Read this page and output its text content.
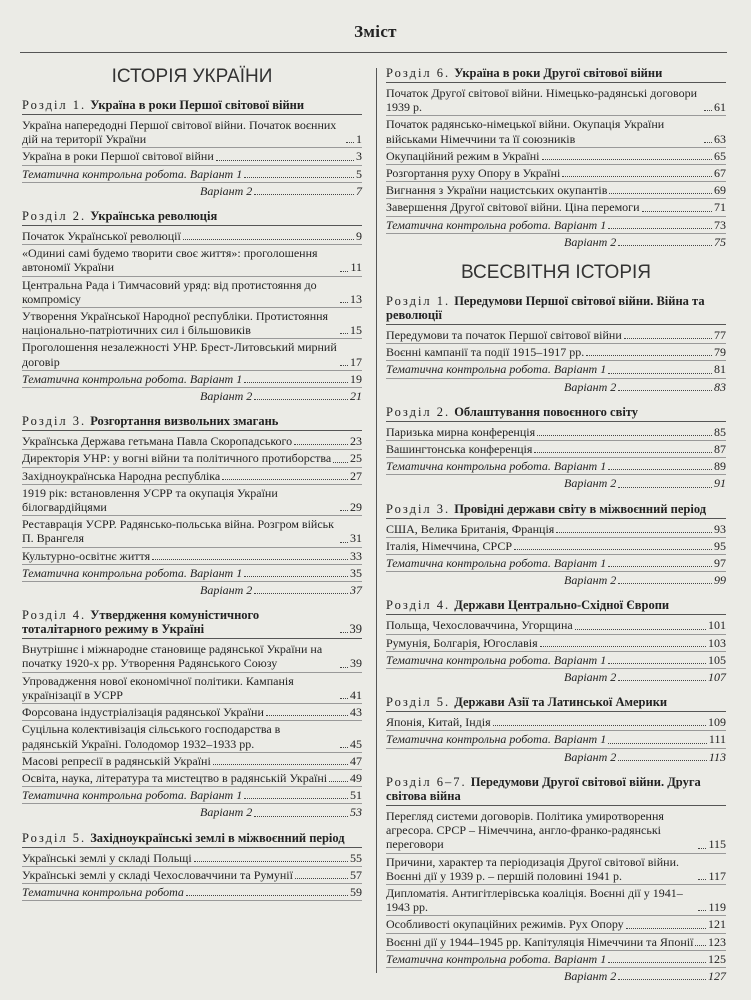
Зміст
ІСТОРІЯ УКРАЇНИ
Розділ 1. Україна в роки Першої світової війни
Україна напередодні Першої світової війни. Початок воєнних дій на території України	1
Україна в роки Першої світової війни	3
Тематична контрольна робота. Варіант 1	5
Варіант 2	7
Розділ 2. Українська революція
Початок Української революції	9
«Одиниі самі будемо творити своє життя»: проголошення автономії України	11
Центральна Рада і Тимчасовий уряд: від протистояння до компромісу	13
Утворення Української Народної республіки. Протистояння національно-патріотичних сил і більшовиків	15
Проголошення незалежності УНР. Брест-Литовський мирний договір	17
Тематична контрольна робота. Варіант 1	19
Варіант 2	21
Розділ 3. Розгортання визвольних змагань
Українська Держава гетьмана Павла Скоропадського	23
Директорія УНР: у вогні війни та політичного протиборства 25
Західноукраїнська Народна республіка	27
1919 рік: встановлення УСРР та окупація України білогвардійцями	29
Реставрація УСРР. Радянсько-польська війна. Розгром військ П. Врангеля	31
Культурно-освітнє життя	33
Тематична контрольна робота. Варіант 1	35
Варіант 2	37
Розділ 4. Утвердження комуністичного тоталітарного режиму в Україні	39
Внутрішнє і міжнародне становище радянської України на початку 1920-х рр. Утворення Радянського Союзу	39
Упровадження нової економічної політики. Кампанія українізації в УСРР	41
Форсована індустріалізація радянської України	43
Суцільна колективізація сільського господарства в радянській Україні. Голодомор 1932–1933 рр.	45
Масові репресії в радянській Україні	47
Освіта, наука, література та мистецтво в радянській Україні 49
Тематична контрольна робота. Варіант 1	51
Варіант 2	53
Розділ 5. Західноукраїнські землі в міжвоєнний період
Українські землі у складі Польщі	55
Українські землі у складі Чехословаччини та Румунії	57
Тематична контрольна робота	59
Розділ 6. Україна в роки Другої світової війни
Початок Другої світової війни. Німецько-радянські договори 1939 р.	61
Початок радянсько-німецької війни. Окупація України військами Німеччини та її союзників	63
Окупаційний режим в Україні	65
Розгортання руху Опору в Україні	67
Вигнання з України нацистських окупантів	69
Завершення Другої світової війни. Ціна перемоги	71
Тематична контрольна робота. Варіант 1	73
Варіант 2	75
ВСЕСВІТНЯ ІСТОРІЯ
Розділ 1. Передумови Першої світової війни. Війна та революції
Передумови та початок Першої світової війни	77
Воєнні кампанії та події 1915–1917 рр.	79
Тематична контрольна робота. Варіант 1	81
Варіант 2	83
Розділ 2. Облаштування повоєнного світу
Паризька мирна конференція	85
Вашингтонська конференція	87
Тематична контрольна робота. Варіант 1	89
Варіант 2	91
Розділ 3. Провідні держави світу в міжвоєнний період
США, Велика Британія, Франція	93
Італія, Німеччина, СРСР	95
Тематична контрольна робота. Варіант 1	97
Варіант 2	99
Розділ 4. Держави Центрально-Східної Європи
Польща, Чехословаччина, Угорщина	101
Румунія, Болгарія, Югославія	103
Тематична контрольна робота. Варіант 1	105
Варіант 2	107
Розділ 5. Держави Азії та Латинської Америки
Японія, Китай, Індія	109
Тематична контрольна робота. Варіант 1	111
Варіант 2	113
Розділ 6–7. Передумови Другої світової війни. Друга світова війна
Перегляд системи договорів. Політика умиротворення агресора. СРСР – Німеччина, англо-франко-радянські переговори	115
Причини, характер та періодизація Другої світової війни. Воєнні дії у 1939 р. – першій половині 1941 р.	117
Дипломатія. Антигітлерівська коаліція. Воєнні дії у 1941–1943 рр.	119
Особливості окупаційних режимів. Рух Опору	121
Воєнні дії у 1944–1945 рр. Капітуляція Німеччини та Японії 123
Тематична контрольна робота. Варіант 1	125
Варіант 2	127
